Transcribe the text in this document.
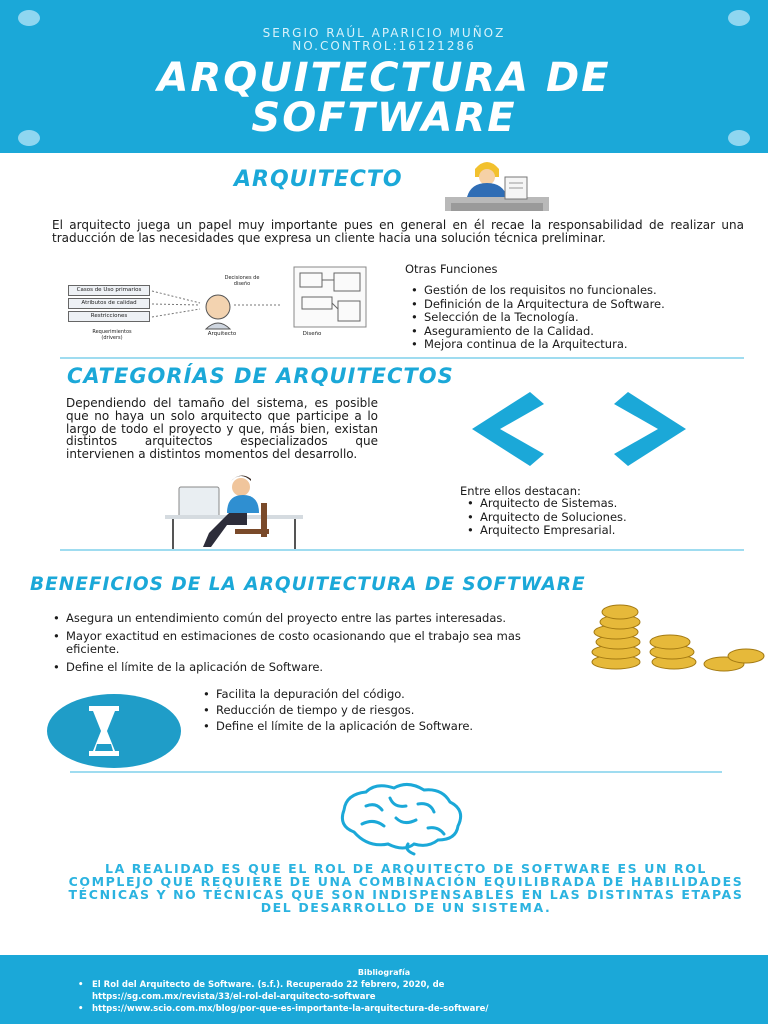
SERGIO RAÚL APARICIO MUÑOZ
NO.CONTROL:16121286
ARQUITECTURA DE
SOFTWARE
ARQUITECTO
El arquitecto juega un papel muy importante pues en general en él recae la responsabilidad de realizar una traducción de las necesidades que expresa un cliente hacia una solución técnica preliminar.
Casos de Uso primarios
Atributos de calidad
Restricciones
Requerimientos (drivers)
Decisiones de diseño
Arquitecto	Diseño
Otras Funciones
• Gestión de los requisitos no funcionales.
• Definición de la Arquitectura de Software.
• Selección de la Tecnología.
• Aseguramiento de la Calidad.
• Mejora continua de la Arquitectura.
CATEGORÍAS DE ARQUITECTOS
Dependiendo del tamaño del sistema, es posible que no haya un solo arquitecto que participe a lo largo de todo el proyecto y que, más bien, existan distintos arquitectos especializados que intervienen a distintos momentos del desarrollo.
Entre ellos destacan:
• Arquitecto de Sistemas.
• Arquitecto de Soluciones.
• Arquitecto Empresarial.
BENEFICIOS DE LA ARQUITECTURA DE SOFTWARE
• Asegura un entendimiento común del proyecto entre las partes interesadas.
• Mayor exactitud en estimaciones de costo ocasionando que el trabajo sea mas eficiente.
• Define el límite de la aplicación de Software.
• Facilita la depuración del código.
• Reducción de tiempo y de riesgos.
• Define el límite de la aplicación de Software.
LA REALIDAD ES QUE EL ROL DE ARQUITECTO DE SOFTWARE ES UN ROL COMPLEJO QUE REQUIERE DE UNA COMBINACIÓN EQUILIBRADA DE HABILIDADES TÉCNICAS Y NO TÉCNICAS QUE SON INDISPENSABLES EN LAS DISTINTAS ETAPAS DEL DESARROLLO DE UN SISTEMA.
Bibliografía
• El Rol del Arquitecto de Software. (s.f.). Recuperado 22 febrero, 2020, de https://sg.com.mx/revista/33/el-rol-del-arquitecto-software
• https://www.scio.com.mx/blog/por-que-es-importante-la-arquitectura-de-software/
